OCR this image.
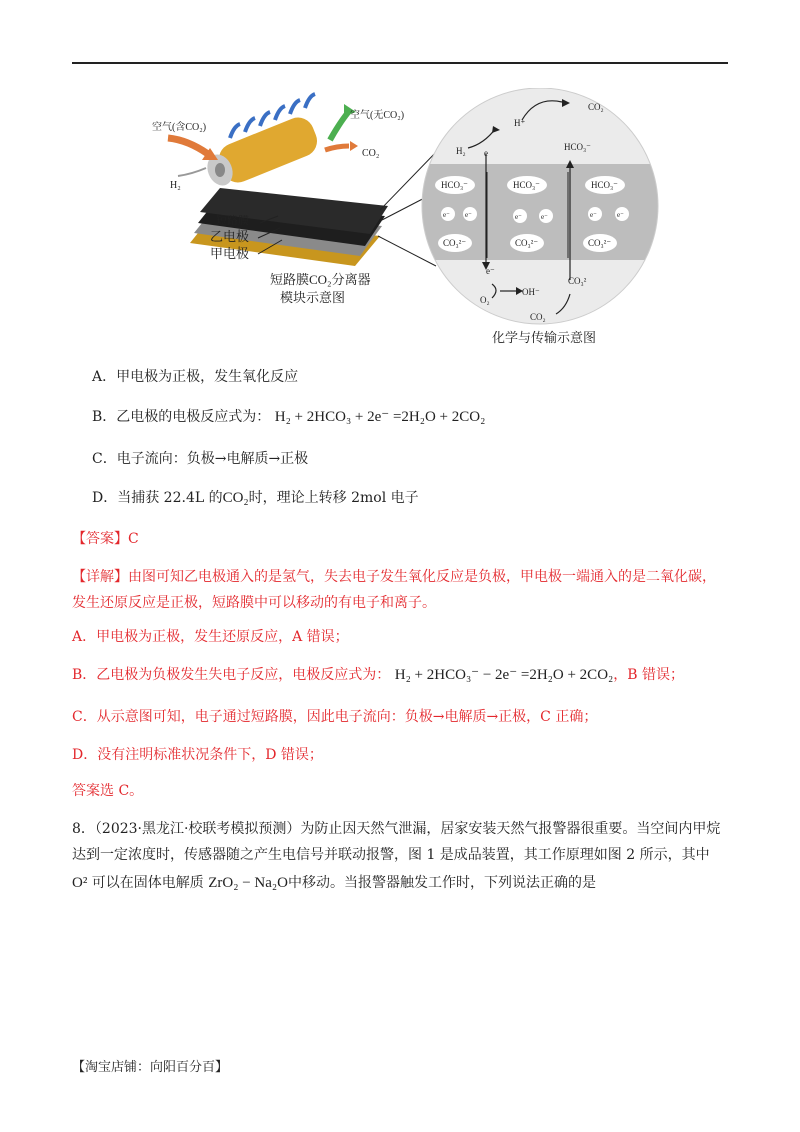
空气(含CO₂)
空气(无CO₂)
CO₂
H₂
短路膜
乙电极
甲电极
短路膜CO₂分离器
模块示意图
H⁺
CO₂
H₂ e
HCO₃⁻
HCO₃⁻	HCO₃⁻	HCO₃⁻
e⁻ e⁻	e⁻	e⁻	e⁻	e⁻
CO₃²⁻	CO₃²⁻	CO₃²⁻
e⁻
OH⁻
O₂
CO₃²
CO₂
化学与传输示意图
A．甲电极为正极，发生氧化反应
B．乙电极的电极反应式为： H₂ + 2HCO₃ + 2e⁻ =2H₂O + 2CO₂
C．电子流向：负极→电解质→正极
D．当捕获 22.4L 的CO₂时，理论上转移 2mol 电子
【答案】C
【详解】由图可知乙电极通入的是氢气，失去电子发生氧化反应是负极，甲电极一端通入的是二氧化碳，
发生还原反应是正极，短路膜中可以移动的有电子和离子。
A．甲电极为正极，发生还原反应，A 错误；
B．乙电极为负极发生失电子反应，电极反应式为： H₂ + 2HCO₃⁻ − 2e⁻ =2H₂O + 2CO₂，B 错误；
C．从示意图可知，电子通过短路膜，因此电子流向：负极→电解质→正极，C 正确；
D．没有注明标准状况条件下，D 错误；
答案选 C。
8．（2023·黑龙江·校联考模拟预测）为防止因天然气泄漏，居家安装天然气报警器很重要。当空间内甲烷
达到一定浓度时，传感器随之产生电信号并联动报警，图 1 是成品装置，其工作原理如图 2 所示，其中
O² 可以在固体电解质 ZrO₂ − Na₂O中移动。当报警器触发工作时，下列说法正确的是
【淘宝店铺：向阳百分百】
